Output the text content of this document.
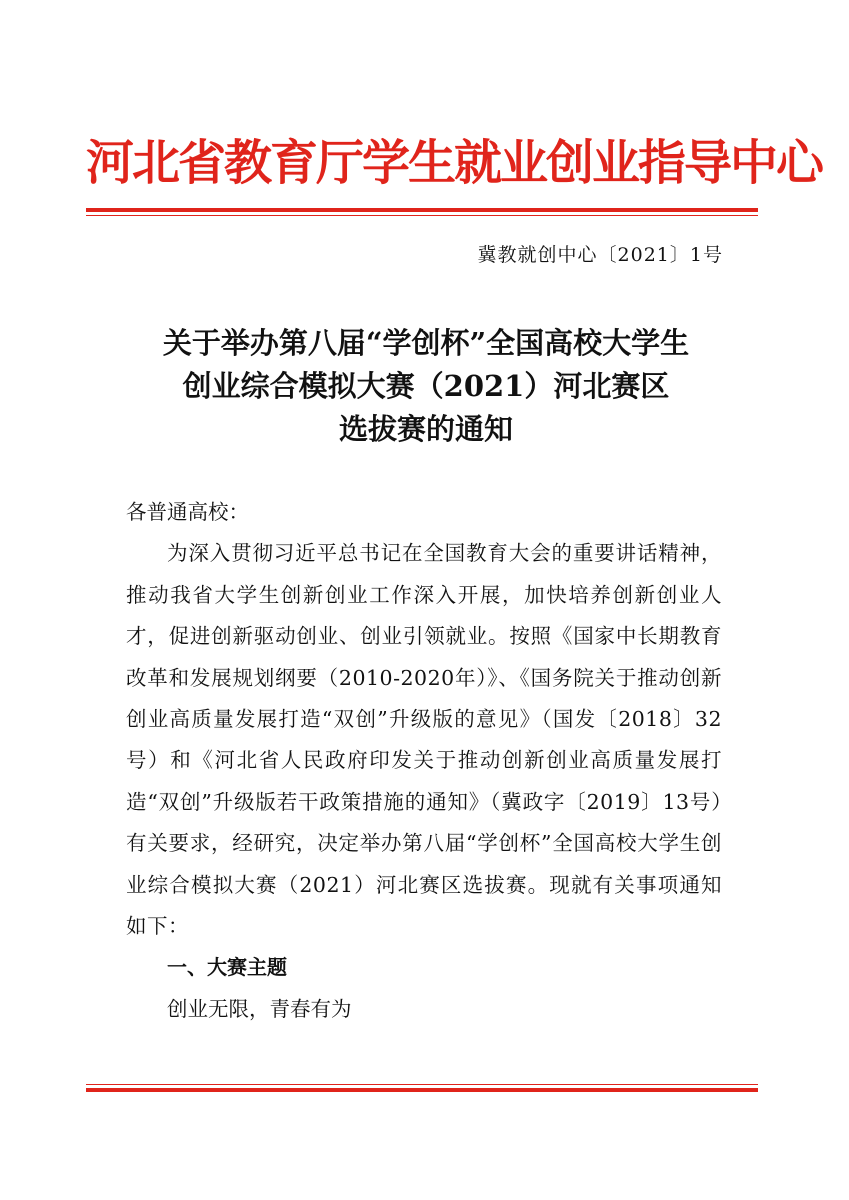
河北省教育厅学生就业创业指导中心
冀教就创中心〔2021〕1号
关于举办第八届“学创杯”全国高校大学生
创业综合模拟大赛（2021）河北赛区
选拔赛的通知

各普通高校：

为深入贯彻习近平总书记在全国教育大会的重要讲话精神，推动我省大学生创新创业工作深入开展，加快培养创新创业人才，促进创新驱动创业、创业引领就业。按照《国家中长期教育改革和发展规划纲要（2010-2020年）》、《国务院关于推动创新创业高质量发展打造“双创”升级版的意见》（国发〔2018〕32号）和《河北省人民政府印发关于推动创新创业高质量发展打造“双创”升级版若干政策措施的通知》（冀政字〔2019〕13号）有关要求，经研究，决定举办第八届“学创杯”全国高校大学生创业综合模拟大赛（2021）河北赛区选拔赛。现就有关事项通知如下：

一、大赛主题

创业无限，青春有为
